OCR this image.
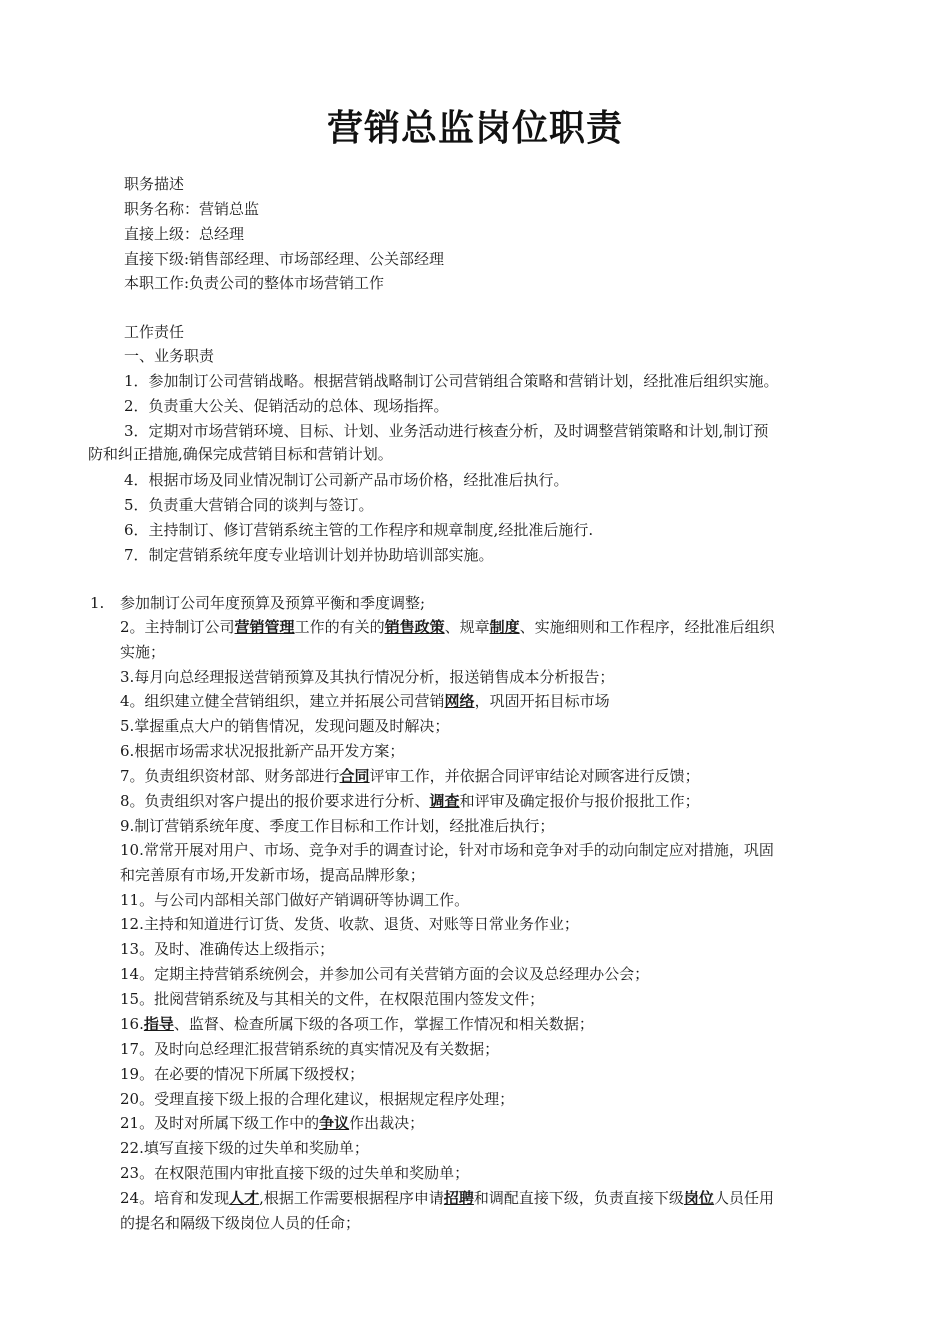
营销总监岗位职责
职务描述
职务名称：营销总监
直接上级：总经理
直接下级:销售部经理、市场部经理、公关部经理
本职工作:负责公司的整体市场营销工作
工作责任
一、业务职责
1．参加制订公司营销战略。根据营销战略制订公司营销组合策略和营销计划，经批准后组织实施。
2．负责重大公关、促销活动的总体、现场指挥。
3．定期对市场营销环境、目标、计划、业务活动进行核查分析，及时调整营销策略和计划,制订预
防和纠正措施,确保完成营销目标和营销计划。
4．根据市场及同业情况制订公司新产品市场价格，经批准后执行。
5．负责重大营销合同的谈判与签订。
6．主持制订、修订营销系统主管的工作程序和规章制度,经批准后施行.
7．制定营销系统年度专业培训计划并协助培训部实施。
1. 参加制订公司年度预算及预算平衡和季度调整;
2。主持制订公司营销管理工作的有关的销售政策、规章制度、实施细则和工作程序，经批准后组织
实施；
3.每月向总经理报送营销预算及其执行情况分析，报送销售成本分析报告；
4。组织建立健全营销组织，建立并拓展公司营销网络，巩固开拓目标市场
5.掌握重点大户的销售情况，发现问题及时解决；
6.根据市场需求状况报批新产品开发方案；
7。负责组织资材部、财务部进行合同评审工作，并依据合同评审结论对顾客进行反馈；
8。负责组织对客户提出的报价要求进行分析、调查和评审及确定报价与报价报批工作；
9.制订营销系统年度、季度工作目标和工作计划，经批准后执行；
10.常常开展对用户、市场、竞争对手的调查讨论，针对市场和竞争对手的动向制定应对措施，巩固
和完善原有市场,开发新市场，提高品牌形象；
11。与公司内部相关部门做好产销调研等协调工作。
12.主持和知道进行订货、发货、收款、退货、对账等日常业务作业；
13。及时、准确传达上级指示；
14。定期主持营销系统例会，并参加公司有关营销方面的会议及总经理办公会；
15。批阅营销系统及与其相关的文件，在权限范围内签发文件；
16.指导、监督、检查所属下级的各项工作，掌握工作情况和相关数据；
17。及时向总经理汇报营销系统的真实情况及有关数据；
19。在必要的情况下所属下级授权；
20。受理直接下级上报的合理化建议，根据规定程序处理；
21。及时对所属下级工作中的争议作出裁决；
22.填写直接下级的过失单和奖励单；
23。在权限范围内审批直接下级的过失单和奖励单；
24。培育和发现人才,根据工作需要根据程序申请招聘和调配直接下级，负责直接下级岗位人员任用
的提名和隔级下级岗位人员的任命；
